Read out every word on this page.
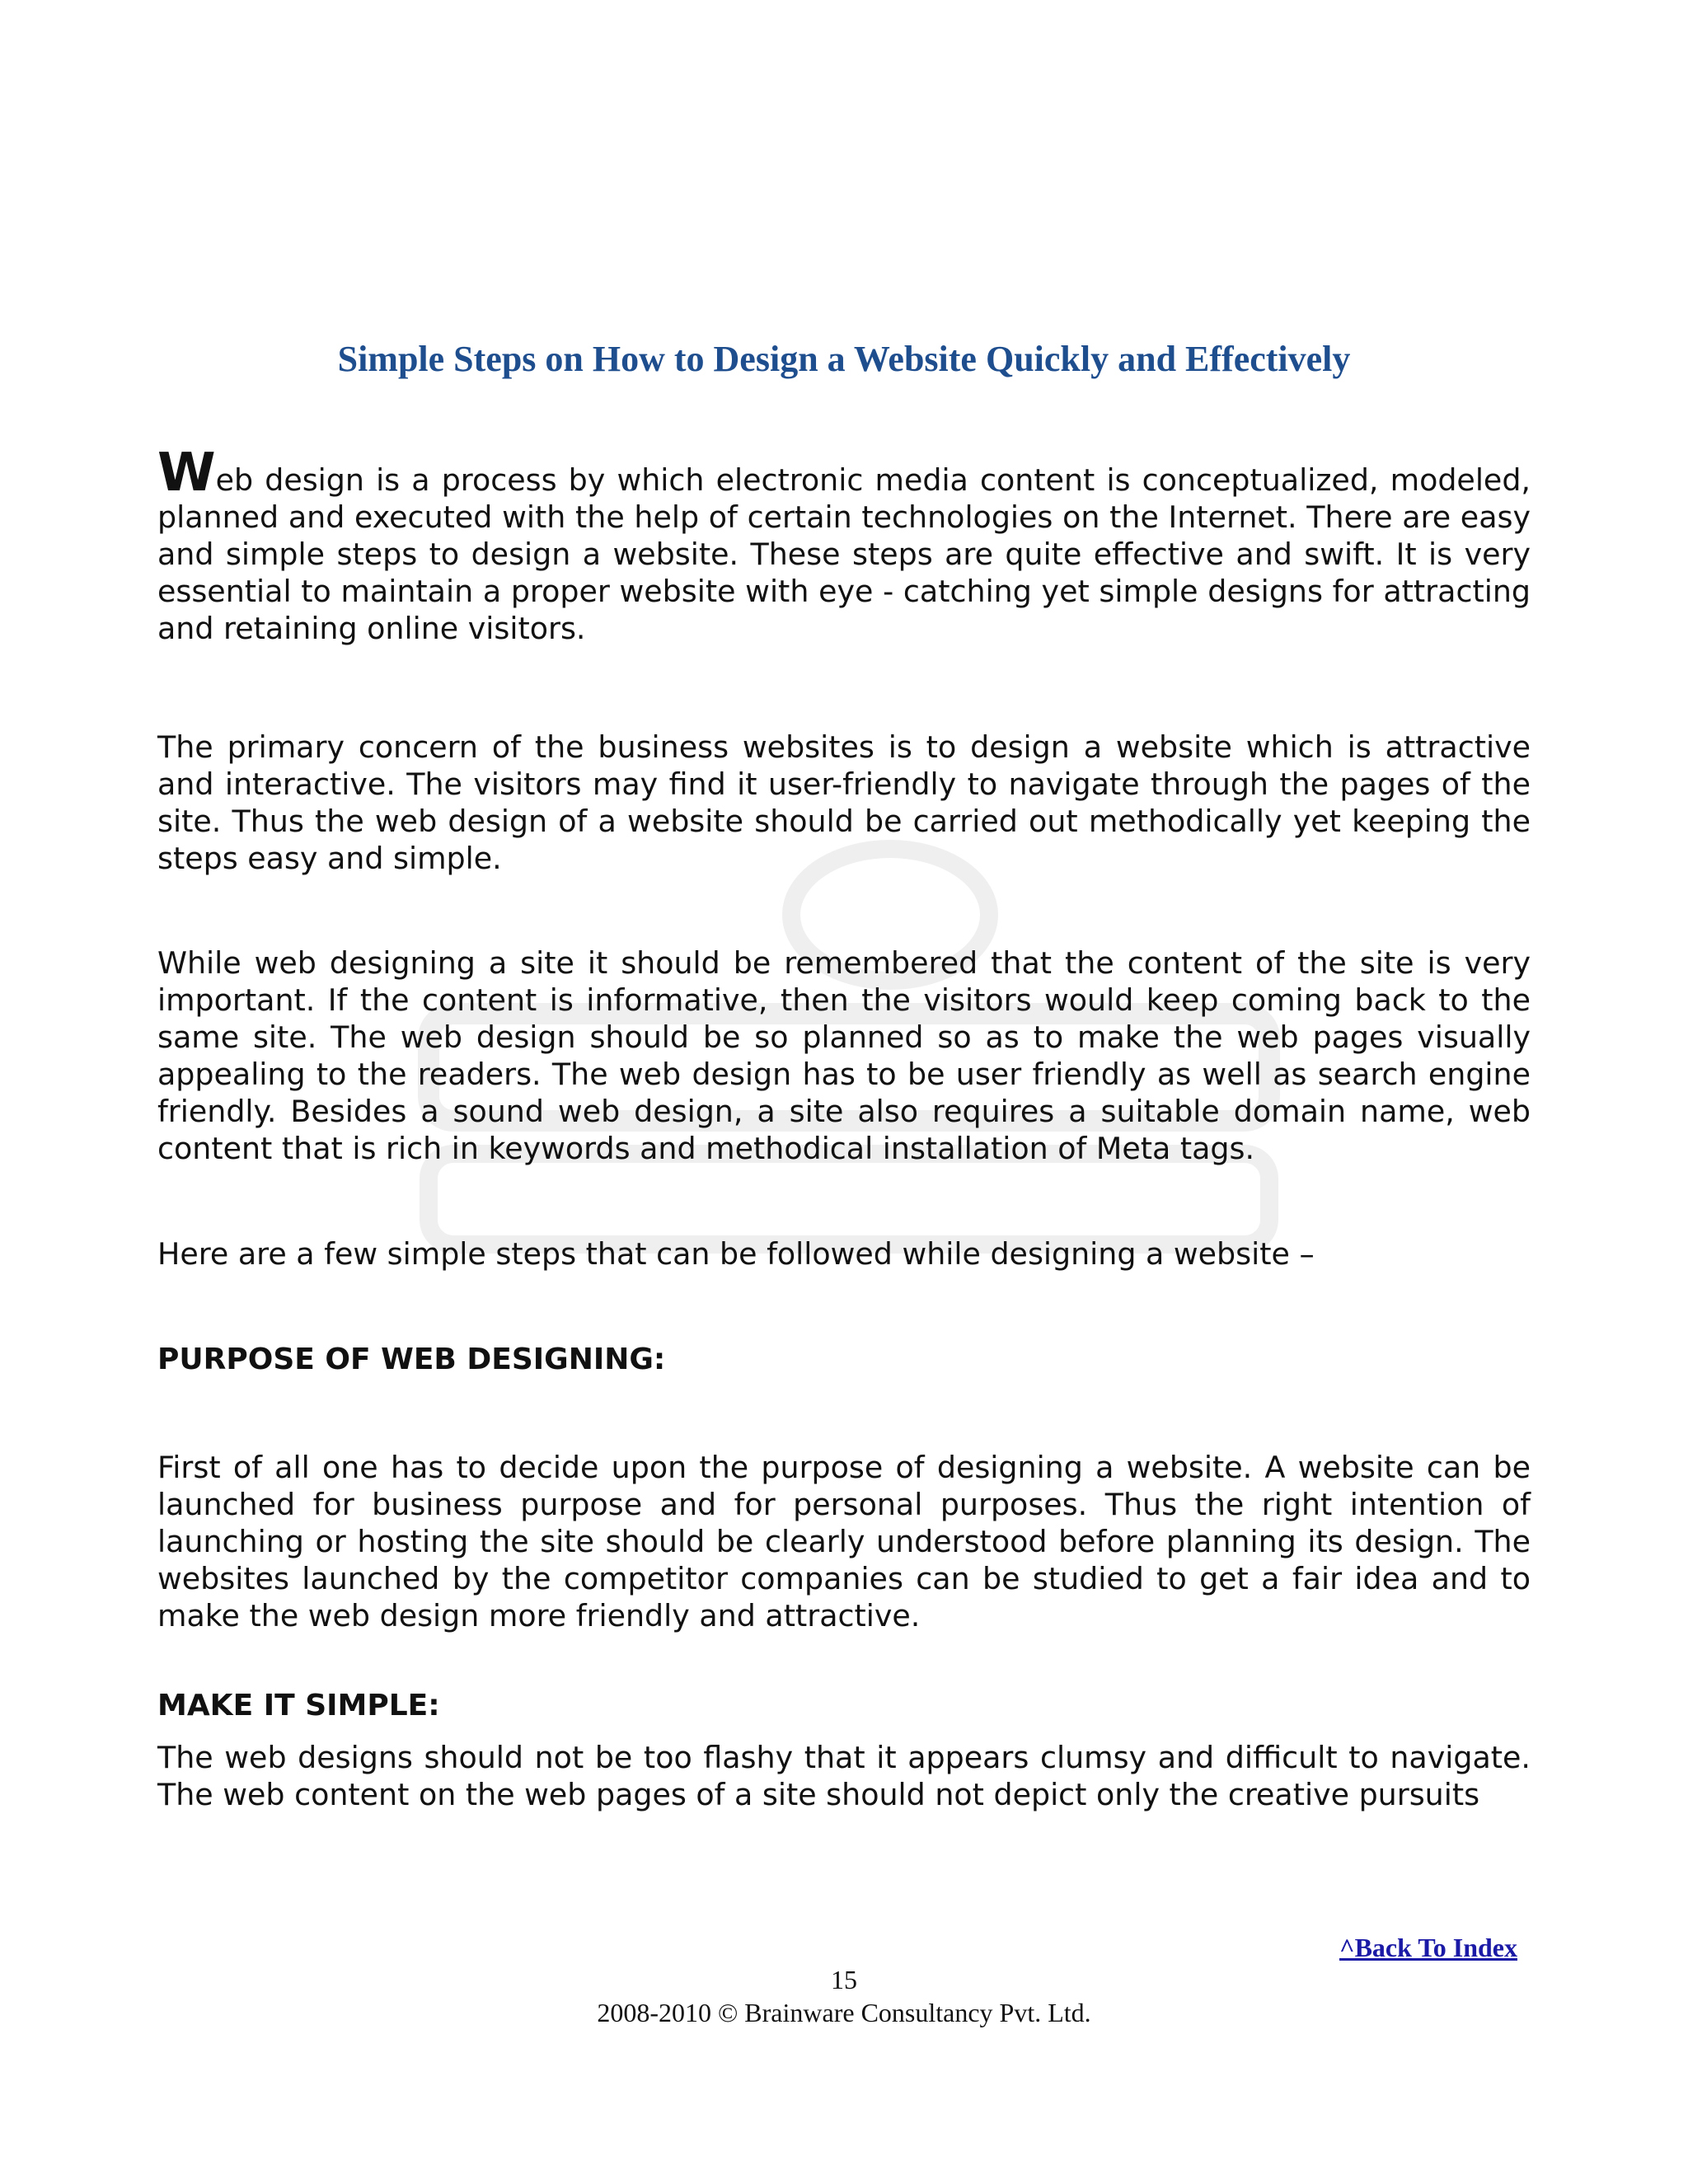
Simple Steps on How to Design a Website Quickly and Effectively

Web design is a process by which electronic media content is conceptualized, modeled, planned and executed with the help of certain technologies on the Internet. There are easy and simple steps to design a website. These steps are quite effective and swift. It is very essential to maintain a proper website with eye - catching yet simple designs for attracting and retaining online visitors.

The primary concern of the business websites is to design a website which is attractive and interactive. The visitors may find it user-friendly to navigate through the pages of the site. Thus the web design of a website should be carried out methodically yet keeping the steps easy and simple.

While web designing a site it should be remembered that the content of the site is very important. If the content is informative, then the visitors would keep coming back to the same site. The web design should be so planned so as to make the web pages visually appealing to the readers. The web design has to be user friendly as well as search engine friendly. Besides a sound web design, a site also requires a suitable domain name, web content that is rich in keywords and methodical installation of Meta tags.

Here are a few simple steps that can be followed while designing a website –

PURPOSE OF WEB DESIGNING:

First of all one has to decide upon the purpose of designing a website. A website can be launched for business purpose and for personal purposes. Thus the right intention of launching or hosting the site should be clearly understood before planning its design. The websites launched by the competitor companies can be studied to get a fair idea and to make the web design more friendly and attractive.

MAKE IT SIMPLE:

The web designs should not be too flashy that it appears clumsy and difficult to navigate. The web content on the web pages of a site should not depict only the creative pursuits

^Back To Index
15
2008-2010 © Brainware Consultancy Pvt. Ltd.
